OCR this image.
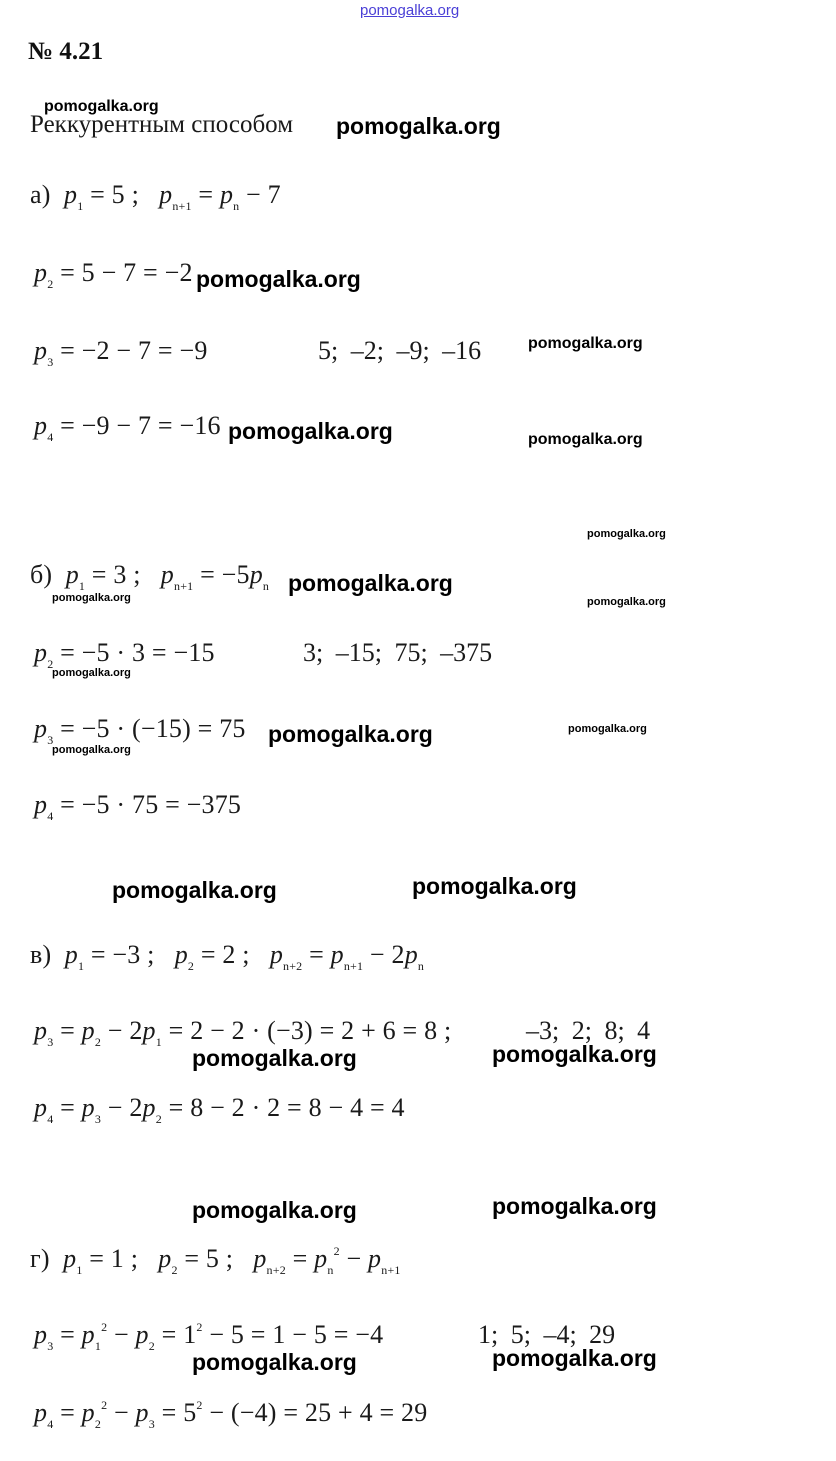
pomogalka.org
№ 4.21
Реккурентным способом
а) $p_1 = 5$ ;   $p_{n+1} = p_n - 7$
$p_2 = 5 - 7 = -2$
$p_3 = -2 - 7 = -9$	5; –2; –9; –16
$p_4 = -9 - 7 = -16$
б) $p_1 = 3$ ;   $p_{n+1} = -5p_n$
$p_2 = -5 \cdot 3 = -15$	3; –15; 75; –375
$p_3 = -5 \cdot (-15) = 75$
$p_4 = -5 \cdot 75 = -375$
в) $p_1 = -3$ ;   $p_2 = 2$ ;   $p_{n+2} = p_{n+1} - 2p_n$
$p_3 = p_2 - 2p_1 = 2 - 2 \cdot (-3) = 2 + 6 = 8$ ;	–3; 2; 8; 4
$p_4 = p_3 - 2p_2 = 8 - 2 \cdot 2 = 8 - 4 = 4$
г) $p_1 = 1$ ;   $p_2 = 5$ ;   $p_{n+2} = p_n^2 - p_{n+1}$
$p_3 = p_1^2 - p_2 = 1^2 - 5 = 1 - 5 = -4$	1; 5; –4; 29
$p_4 = p_2^2 - p_3 = 5^2 - (-4) = 25 + 4 = 29$
pomogalka.org
pomogalka.org
pomogalka.org
pomogalka.org
pomogalka.org	pomogalka.org
pomogalka.org
pomogalka.org
pomogalka.org	pomogalka.org
pomogalka.org
pomogalka.org
pomogalka.org
pomogalka.org
pomogalka.org	pomogalka.org
pomogalka.org	pomogalka.org
pomogalka.org	pomogalka.org
pomogalka.org	pomogalka.org
